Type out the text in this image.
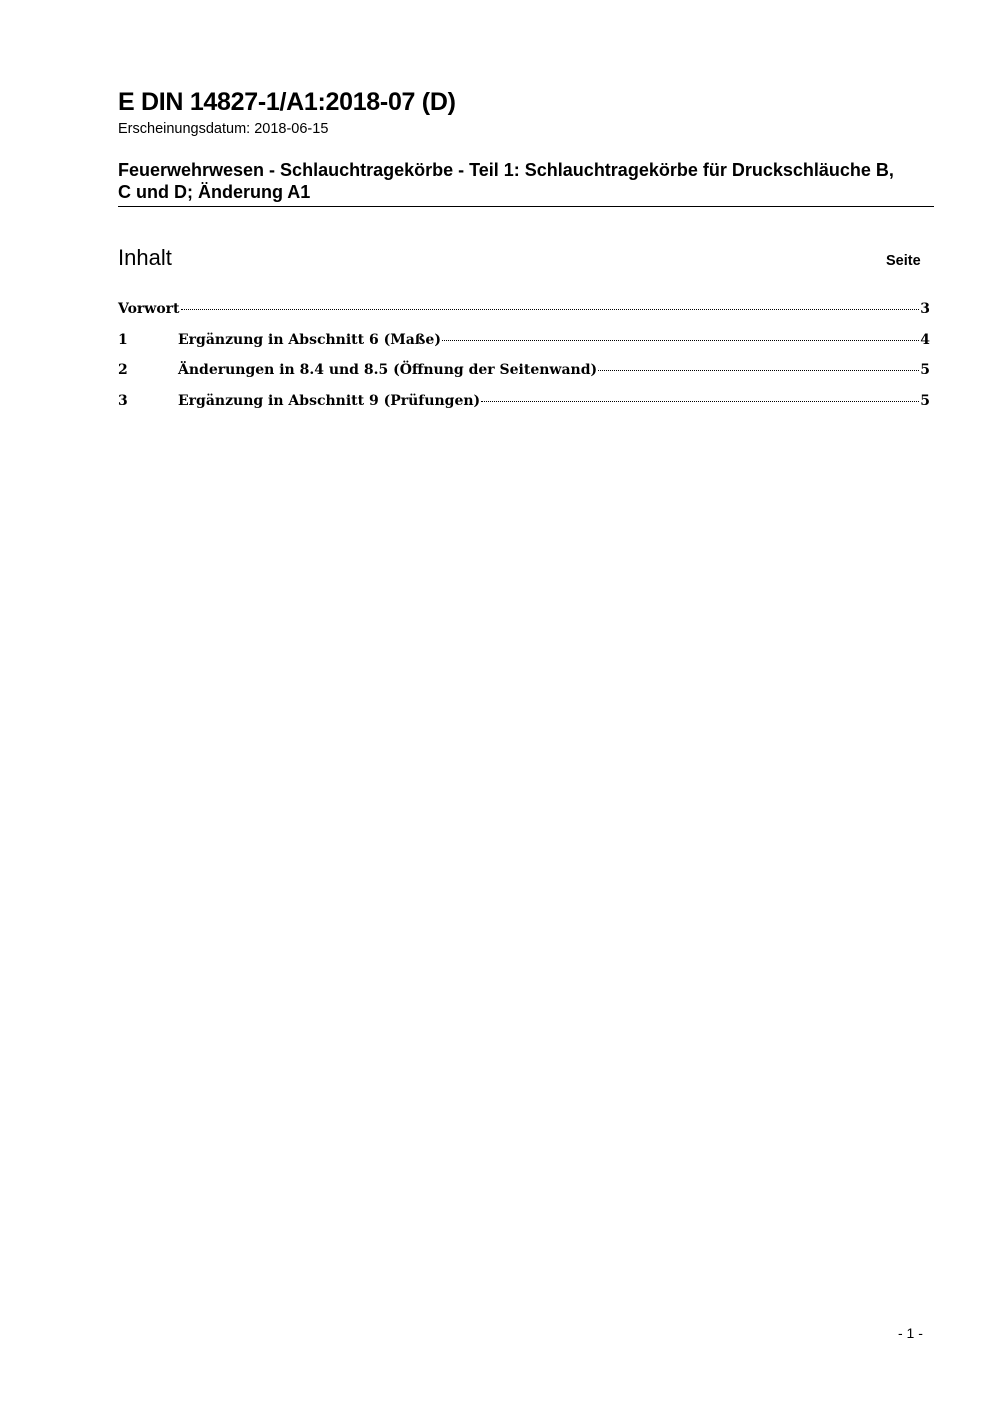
E DIN 14827-1/A1:2018-07 (D)
Erscheinungsdatum: 2018-06-15
Feuerwehrwesen - Schlauchtragekörbe - Teil 1: Schlauchtragekörbe für Druckschläuche B, C und D; Änderung A1
Inhalt	Seite
Vorwort	3
1	Ergänzung in Abschnitt 6 (Maße)	4
2	Änderungen in 8.4 und 8.5 (Öffnung der Seitenwand)	5
3	Ergänzung in Abschnitt 9 (Prüfungen)	5
- 1 -
